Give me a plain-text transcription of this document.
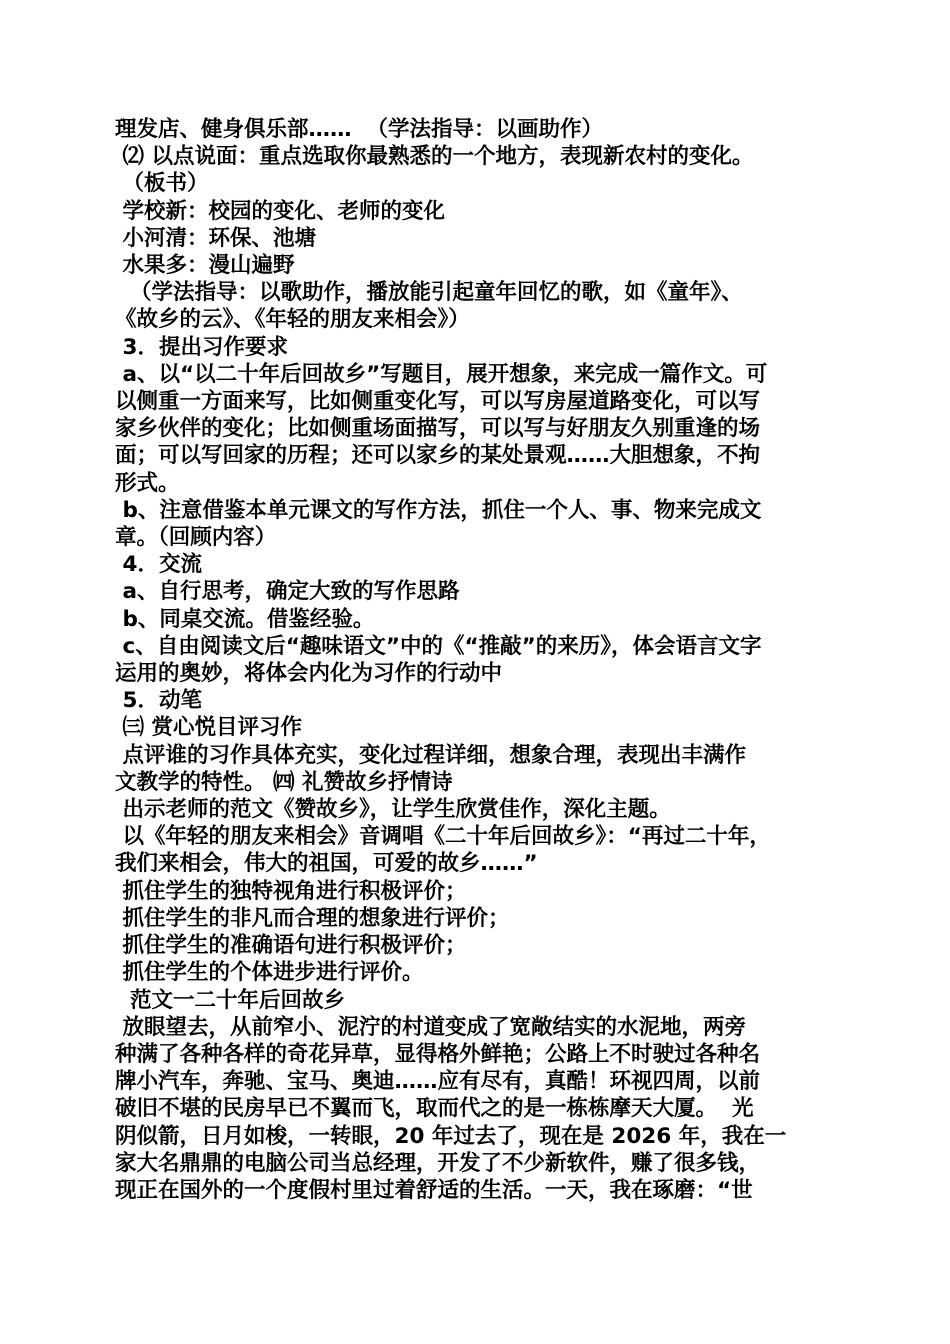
理发店、健身俱乐部……  （学法指导：以画助作）
⑵ 以点说面：重点选取你最熟悉的一个地方，表现新农村的变化。
（板书）
学校新：校园的变化、老师的变化
小河清：环保、池塘
水果多：漫山遍野
（学法指导：以歌助作，播放能引起童年回忆的歌，如《童年》、
《故乡的云》、《年轻的朋友来相会》）
3．提出习作要求
a、以“以二十年后回故乡”写题目，展开想象，来完成一篇作文。可
以侧重一方面来写，比如侧重变化写，可以写房屋道路变化，可以写
家乡伙伴的变化；比如侧重场面描写，可以写与好朋友久别重逢的场
面；可以写回家的历程；还可以家乡的某处景观……大胆想象，不拘
形式。
b、注意借鉴本单元课文的写作方法，抓住一个人、事、物来完成文
章。（回顾内容）
4．交流
a、自行思考，确定大致的写作思路
b、同桌交流。借鉴经验。
c、自由阅读文后“趣味语文”中的《“推敲”的来历》，体会语言文字
运用的奥妙，将体会内化为习作的行动中
5．动笔
㈢ 赏心悦目评习作
点评谁的习作具体充实，变化过程详细，想象合理，表现出丰满作
文教学的特性。 ㈣ 礼赞故乡抒情诗
出示老师的范文《赞故乡》，让学生欣赏佳作，深化主题。
以《年轻的朋友来相会》音调唱《二十年后回故乡》：“再过二十年，
我们来相会，伟大的祖国，可爱的故乡……”
抓住学生的独特视角进行积极评价；
抓住学生的非凡而合理的想象进行评价；
抓住学生的准确语句进行积极评价；
抓住学生的个体进步进行评价。
范文一二十年后回故乡
放眼望去，从前窄小、泥泞的村道变成了宽敞结实的水泥地，两旁
种满了各种各样的奇花异草，显得格外鲜艳；公路上不时驶过各种名
牌小汽车，奔驰、宝马、奥迪……应有尽有，真酷！环视四周，以前
破旧不堪的民房早已不翼而飞，取而代之的是一栋栋摩天大厦。  光
阴似箭，日月如梭，一转眼，20 年过去了，现在是 2026 年，我在一
家大名鼎鼎的电脑公司当总经理，开发了不少新软件，赚了很多钱，
现正在国外的一个度假村里过着舒适的生活。一天，我在琢磨：“世
